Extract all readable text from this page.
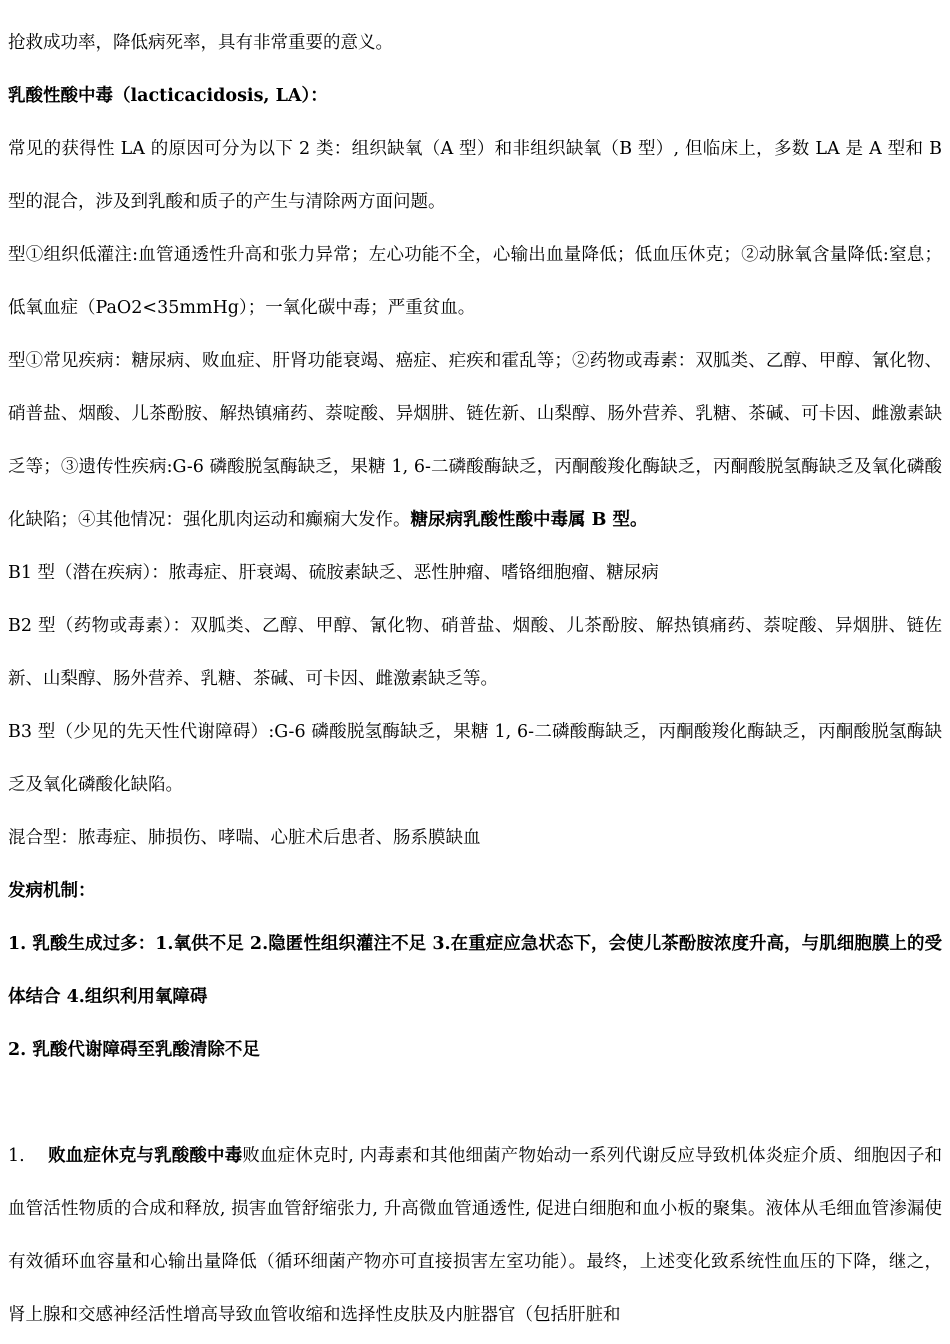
抢救成功率，降低病死率，具有非常重要的意义。

乳酸性酸中毒（lacticacidosis, LA）：

常见的获得性 LA 的原因可分为以下 2 类：组织缺氧（A 型）和非组织缺氧（B 型）, 但临床上，多数 LA 是 A 型和 B 型的混合，涉及到乳酸和质子的产生与清除两方面问题。

型①组织低灌注:血管通透性升高和张力异常；左心功能不全，心输出血量降低；低血压休克；②动脉氧含量降低:窒息；低氧血症（PaO2<35mmHg）；一氧化碳中毒；严重贫血。

型①常见疾病：糖尿病、败血症、肝肾功能衰竭、癌症、疟疾和霍乱等；②药物或毒素：双胍类、乙醇、甲醇、氰化物、硝普盐、烟酸、儿茶酚胺、解热镇痛药、萘啶酸、异烟肼、链佐新、山梨醇、肠外营养、乳糖、茶碱、可卡因、雌激素缺乏等；③遗传性疾病:G-6 磷酸脱氢酶缺乏，果糖 1, 6-二磷酸酶缺乏，丙酮酸羧化酶缺乏，丙酮酸脱氢酶缺乏及氧化磷酸化缺陷；④其他情况：强化肌肉运动和癫痫大发作。糖尿病乳酸性酸中毒属 B 型。

B1 型（潜在疾病）：脓毒症、肝衰竭、硫胺素缺乏、恶性肿瘤、嗜铬细胞瘤、糖尿病

B2 型（药物或毒素）：双胍类、乙醇、甲醇、氰化物、硝普盐、烟酸、儿茶酚胺、解热镇痛药、萘啶酸、异烟肼、链佐新、山梨醇、肠外营养、乳糖、茶碱、可卡因、雌激素缺乏等。

B3 型（少见的先天性代谢障碍）:G-6 磷酸脱氢酶缺乏，果糖 1, 6-二磷酸酶缺乏，丙酮酸羧化酶缺乏，丙酮酸脱氢酶缺乏及氧化磷酸化缺陷。

混合型：脓毒症、肺损伤、哮喘、心脏术后患者、肠系膜缺血

发病机制：

1. 乳酸生成过多：1.氧供不足 2.隐匿性组织灌注不足 3.在重症应急状态下，会使儿茶酚胺浓度升高，与肌细胞膜上的受体结合 4.组织利用氧障碍

2. 乳酸代谢障碍至乳酸清除不足

1. 败血症休克与乳酸酸中毒败血症休克时, 内毒素和其他细菌产物始动一系列代谢反应导致机体炎症介质、细胞因子和血管活性物质的合成和释放, 损害血管舒缩张力, 升高微血管通透性, 促进白细胞和血小板的聚集。液体从毛细血管渗漏使有效循环血容量和心输出量降低（循环细菌产物亦可直接损害左室功能）。最终，上述变化致系统性血压的下降，继之，肾上腺和交感神经活性增高导致血管收缩和选择性皮肤及内脏器官（包括肝脏和
